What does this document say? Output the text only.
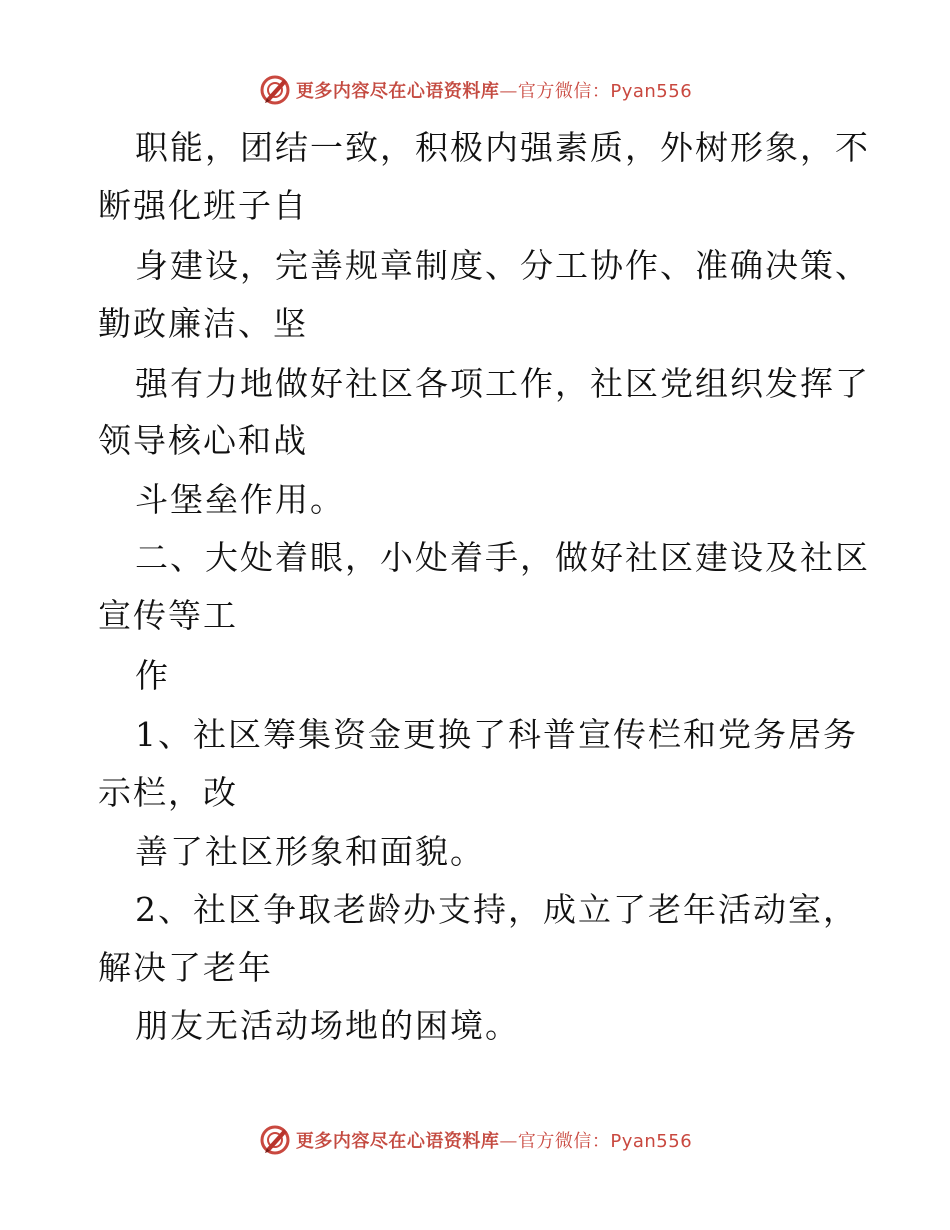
更多内容尽在心语资料库—官方微信：Pyan556
职能，团结一致，积极内强素质，外树形象，不
断强化班子自
身建设，完善规章制度、分工协作、准确决策、
勤政廉洁、坚
强有力地做好社区各项工作，社区党组织发挥了
领导核心和战
斗堡垒作用。
二、大处着眼，小处着手，做好社区建设及社区
宣传等工
作
1、社区筹集资金更换了科普宣传栏和党务居务
示栏，改
善了社区形象和面貌。
2、社区争取老龄办支持，成立了老年活动室，
解决了老年
朋友无活动场地的困境。
更多内容尽在心语资料库—官方微信：Pyan556
